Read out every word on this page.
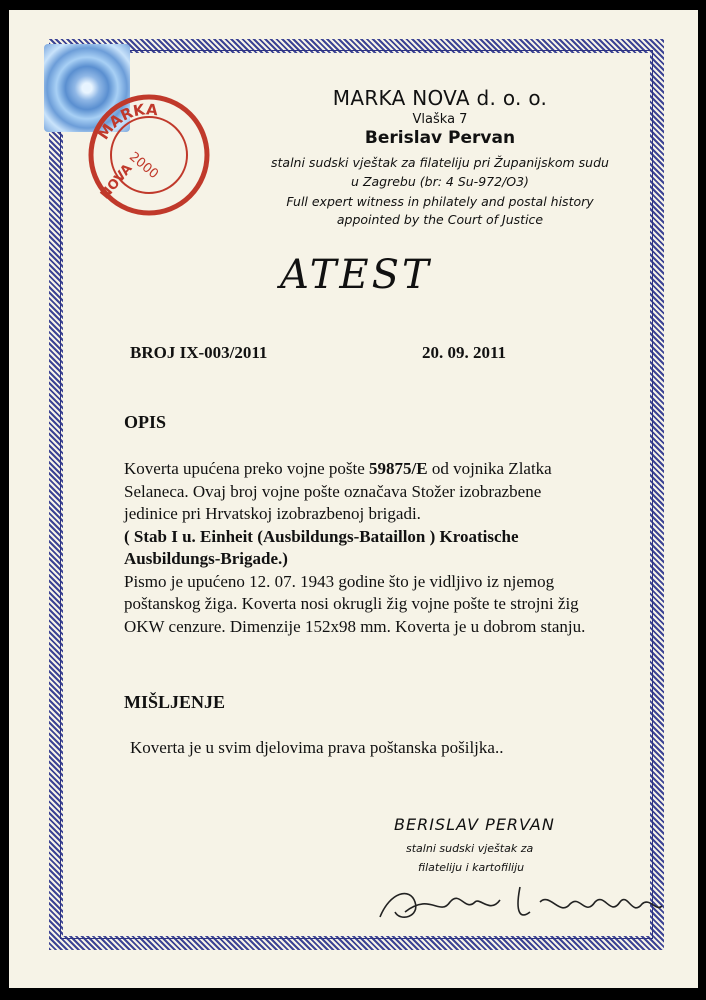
MARKA
NOVA
2000
MARKA NOVA d. o. o.
Vlaška 7
Berislav Pervan
stalni sudski vještak za filateliju pri Županijskom sudu
u Zagrebu (br: 4 Su-972/O3)
Full expert witness in philately and postal history
appointed by the Court of Justice
ATEST
BROJ IX-003/2011	20. 09. 2011
OPIS
Koverta upućena preko vojne pošte 59875/E od vojnika Zlatka Selaneca. Ovaj broj vojne pošte označava Stožer izobrazbene jedinice pri Hrvatskoj izobrazbenoj brigadi.
( Stab I u. Einheit (Ausbildungs-Bataillon ) Kroatische Ausbildungs-Brigade.)
Pismo je upućeno 12. 07. 1943 godine što je vidljivo iz njemog poštanskog žiga. Koverta nosi okrugli žig vojne pošte te strojni žig OKW cenzure. Dimenzije 152x98 mm. Koverta je u dobrom stanju.
MIŠLJENJE
Koverta je u svim djelovima prava poštanska pošiljka..
BERISLAV PERVAN
stalni sudski vještak za
filateliju i kartofiliju
